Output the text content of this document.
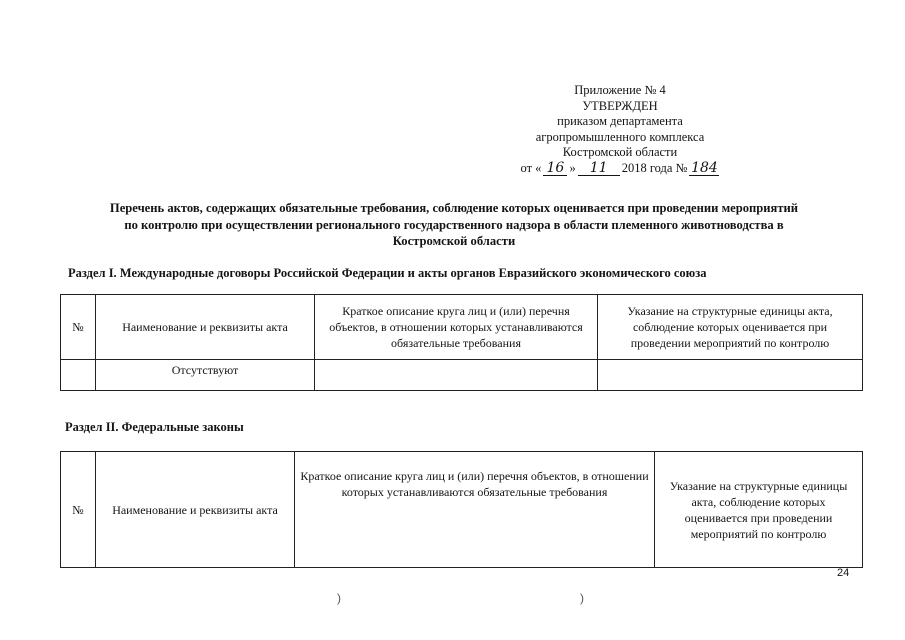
Приложение № 4
УТВЕРЖДЕН
приказом департамента
агропромышленного комплекса
Костромской области
от « 16 »	11	2018 года № 184
Перечень актов, содержащих обязательные требования, соблюдение которых оценивается при проведении мероприятий
по контролю при осуществлении регионального государственного надзора в области племенного животноводства в
Костромской области
Раздел I. Международные договоры Российской Федерации и акты органов Евразийского экономического союза
№	Наименование и реквизиты акта	Краткое описание круга лиц и (или) перечня объектов, в отношении которых устанавливаются обязательные требования	Указание на структурные единицы акта, соблюдение которых оценивается при проведении мероприятий по контролю
	Отсутствуют		
Раздел II. Федеральные законы
№	Наименование и реквизиты акта	Краткое описание круга лиц и (или) перечня объектов, в отношении которых устанавливаются обязательные требования	Указание на структурные единицы акта, соблюдение которых оценивается при проведении мероприятий по контролю
24
)	)
